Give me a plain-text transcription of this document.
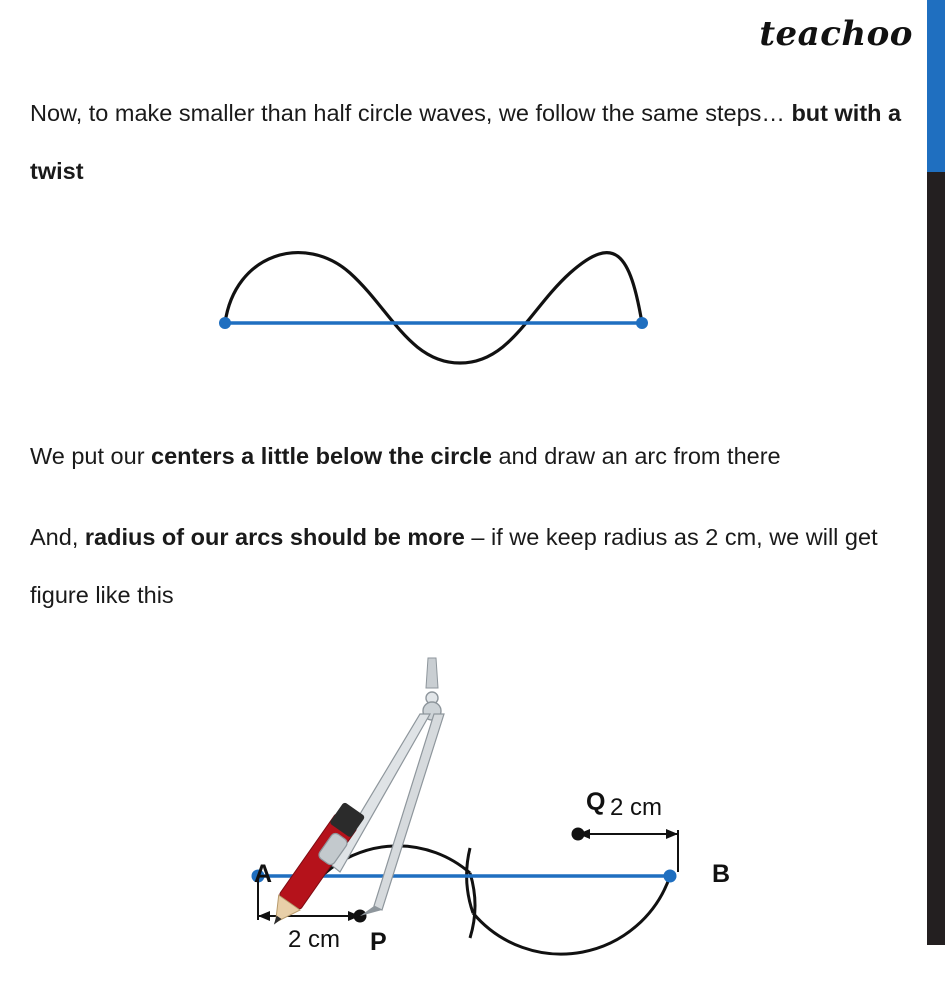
teachoo

Now, to make smaller than half circle waves, we follow the same steps… but with a twist

We put our centers a little below the circle and draw an arc from there

And, radius of our arcs should be more – if we keep radius as 2 cm, we will get figure like this

A	B
P
Q
2 cm
2 cm
